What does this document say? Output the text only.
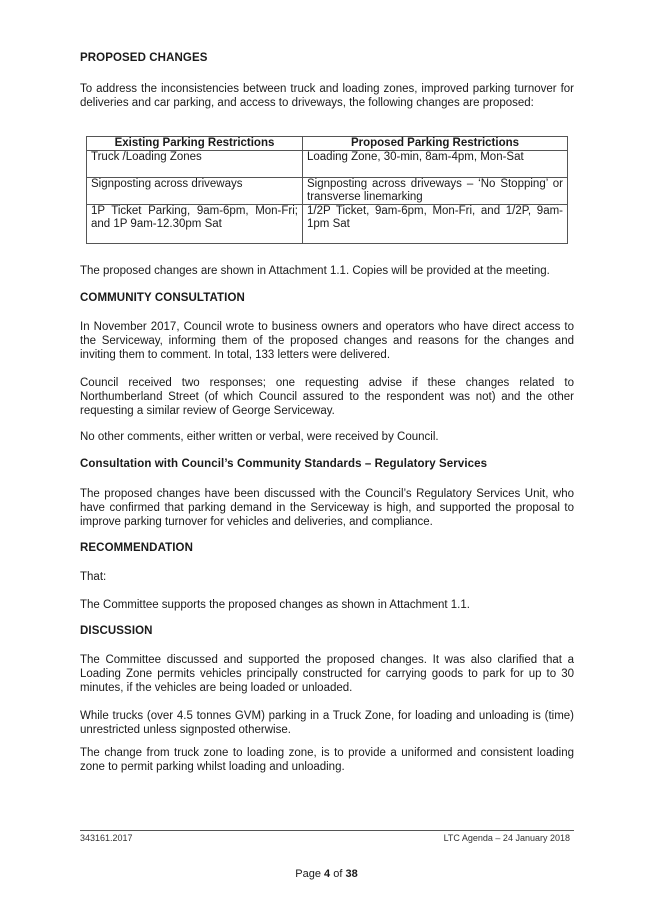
PROPOSED CHANGES
To address the inconsistencies between truck and loading zones, improved parking turnover for deliveries and car parking, and access to driveways, the following changes are proposed:
Existing Parking Restrictions	Proposed Parking Restrictions
Truck /Loading Zones	Loading Zone, 30-min, 8am-4pm, Mon-Sat
Signposting across driveways	Signposting across driveways – ‘No Stopping’ or transverse linemarking
1P Ticket Parking, 9am-6pm, Mon-Fri; and 1P 9am-12.30pm Sat	1/2P Ticket, 9am-6pm, Mon-Fri, and 1/2P, 9am-1pm Sat
The proposed changes are shown in Attachment 1.1. Copies will be provided at the meeting.
COMMUNITY CONSULTATION
In November 2017, Council wrote to business owners and operators who have direct access to the Serviceway, informing them of the proposed changes and reasons for the changes and inviting them to comment. In total, 133 letters were delivered.
Council received two responses; one requesting advise if these changes related to Northumberland Street (of which Council assured to the respondent was not) and the other requesting a similar review of George Serviceway.
No other comments, either written or verbal, were received by Council.
Consultation with Council’s Community Standards – Regulatory Services
The proposed changes have been discussed with the Council’s Regulatory Services Unit, who have confirmed that parking demand in the Serviceway is high, and supported the proposal to improve parking turnover for vehicles and deliveries, and compliance.
RECOMMENDATION
That:
The Committee supports the proposed changes as shown in Attachment 1.1.
DISCUSSION
The Committee discussed and supported the proposed changes. It was also clarified that a Loading Zone permits vehicles principally constructed for carrying goods to park for up to 30 minutes, if the vehicles are being loaded or unloaded.
While trucks (over 4.5 tonnes GVM) parking in a Truck Zone, for loading and unloading is (time) unrestricted unless signposted otherwise.
The change from truck zone to loading zone, is to provide a uniformed and consistent loading zone to permit parking whilst loading and unloading.
343161.2017	LTC Agenda – 24 January 2018
Page 4 of 38
